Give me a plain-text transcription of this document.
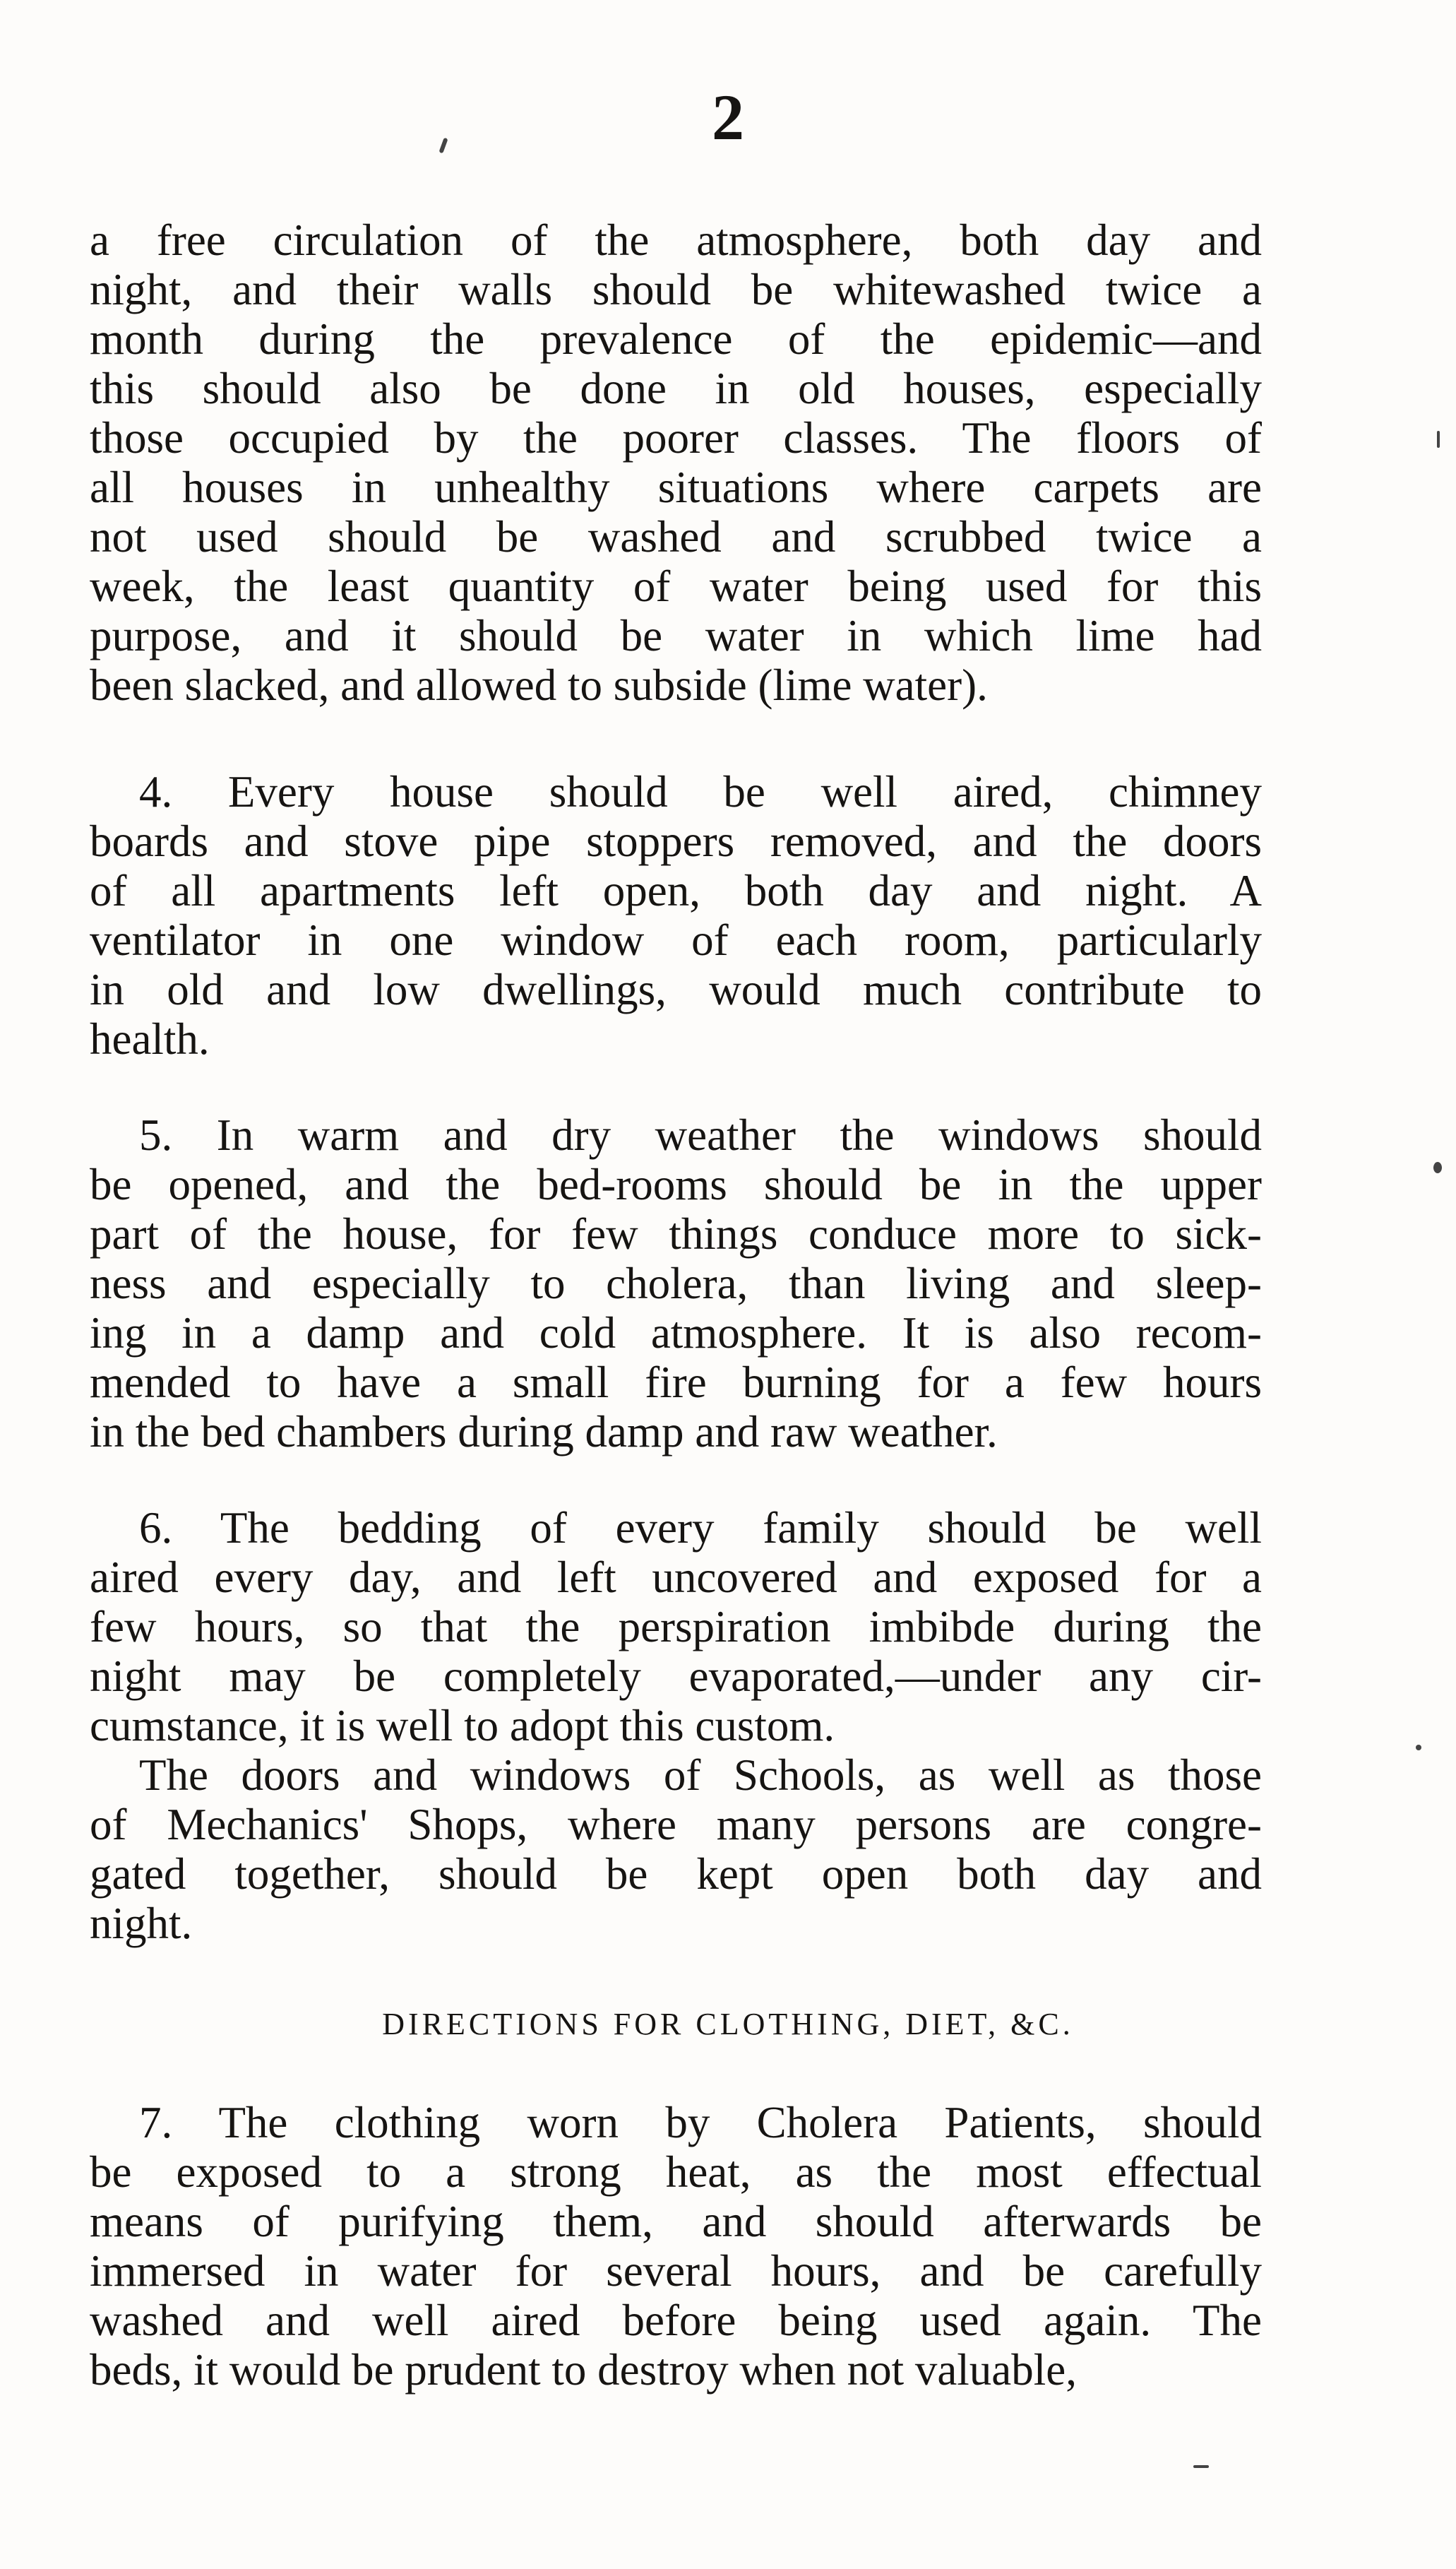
2
a free circulation of the atmosphere, both day and
night, and their walls should be whitewashed twice a
month during the prevalence of the epidemic—and
this should also be done in old houses, especially
those occupied by the poorer classes. The floors of
all houses in unhealthy situations where carpets are
not used should be washed and scrubbed twice a
week, the least quantity of water being used for this
purpose, and it should be water in which lime had
been slacked, and allowed to subside (lime water).
4. Every house should be well aired, chimney
boards and stove pipe stoppers removed, and the doors
of all apartments left open, both day and night. A
ventilator in one window of each room, particularly
in old and low dwellings, would much contribute to
health.
5. In warm and dry weather the windows should
be opened, and the bed-rooms should be in the upper
part of the house, for few things conduce more to sick-
ness and especially to cholera, than living and sleep-
ing in a damp and cold atmosphere. It is also recom-
mended to have a small fire burning for a few hours
in the bed chambers during damp and raw weather.
6. The bedding of every family should be well
aired every day, and left uncovered and exposed for a
few hours, so that the perspiration imbibde during the
night may be completely evaporated,—under any cir-
cumstance, it is well to adopt this custom.
The doors and windows of Schools, as well as those
of Mechanics' Shops, where many persons are congre-
gated together, should be kept open both day and
night.
DIRECTIONS FOR CLOTHING, DIET, &C.
7. The clothing worn by Cholera Patients, should
be exposed to a strong heat, as the most effectual
means of purifying them, and should afterwards be
immersed in water for several hours, and be carefully
washed and well aired before being used again. The
beds, it would be prudent to destroy when not valuable,
